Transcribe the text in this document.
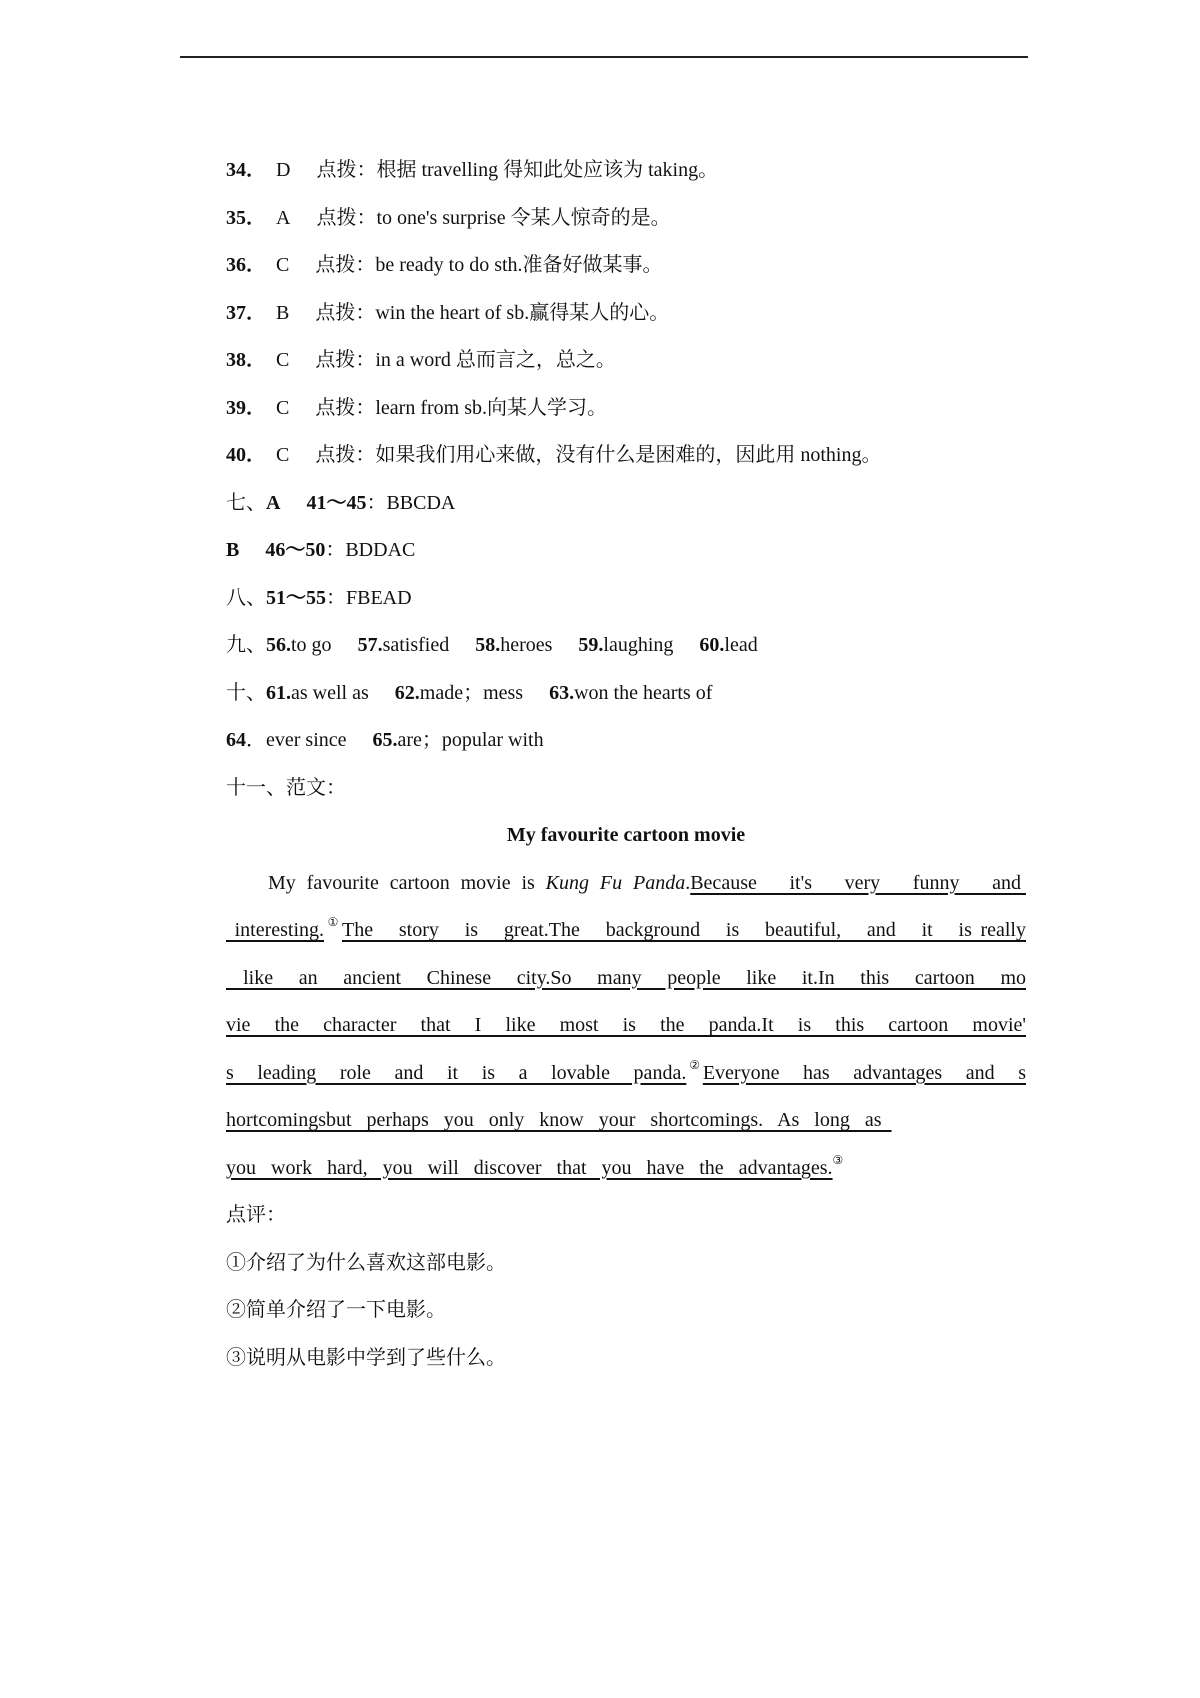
34． D 点拨：根据 travelling 得知此处应该为 taking。
35． A 点拨：to one's surprise 令某人惊奇的是。
36． C 点拨：be ready to do sth.准备好做某事。
37． B 点拨：win the heart of sb.赢得某人的心。
38． C 点拨：in a word 总而言之，总之。
39． C 点拨：learn from sb.向某人学习。
40． C 点拨：如果我们用心来做，没有什么是困难的，因此用 nothing。
七、A 41～45：BBCDA
B 46～50：BDDAC
八、51～55：FBEAD
九、56.to go 57.satisfied 58.heroes 59.laughing 60.lead
十、61.as well as 62.made；mess 63.won the hearts of
64．ever since 65.are；popular with
十一、范文：
My favourite cartoon movie
My favourite cartoon movie is Kung Fu Panda.Because   it's   very   funny   and
interesting.①The   story   is   great.The   background   is   beautiful,   and   it   is really
like   an   ancient   Chinese   city.So   many   people   like   it.In   this   cartoon   mo
vie   the   character   that   I   like   most   is   the   panda.It   is   this   cartoon   movie'
s   leading   role   and   it   is   a   lovable   panda.②Everyone   has   advantages   and   s
hortcomingsbut   perhaps   you   only   know   your   shortcomings.   As   long   as
you   work   hard,   you   will   discover   that   you   have   the   advantages.③
点评：
①介绍了为什么喜欢这部电影。
②简单介绍了一下电影。
③说明从电影中学到了些什么。
